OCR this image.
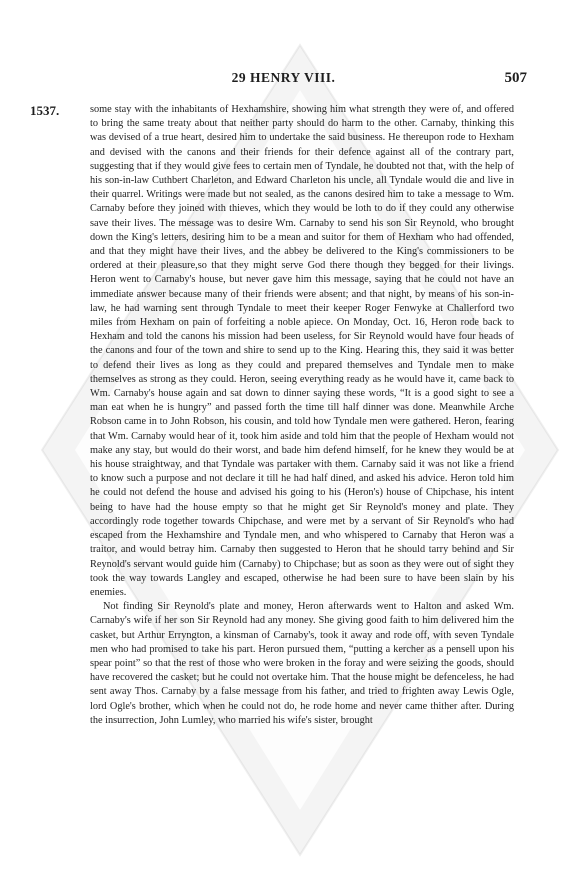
29 HENRY VIII.	507
1537.	some stay with the inhabitants of Hexhamshire, showing him what strength they were of, and offered to bring the same treaty about that neither party should do harm to the other. Carnaby, thinking this was devised of a true heart, desired him to undertake the said business. He thereupon rode to Hexham and devised with the canons and their friends for their defence against all of the contrary part, suggesting that if they would give fees to certain men of Tyndale, he doubted not that, with the help of his son-in-law Cuthbert Charleton, and Edward Charleton his uncle, all Tyndale would die and live in their quarrel. Writings were made but not sealed, as the canons desired him to take a message to Wm. Carnaby before they joined with thieves, which they would be loth to do if they could any otherwise save their lives. The message was to desire Wm. Carnaby to send his son Sir Reynold, who brought down the King's letters, desiring him to be a mean and suitor for them of Hexham who had offended, and that they might have their lives, and the abbey be delivered to the King's commissioners to be ordered at their pleasure,so that they might serve God there though they begged for their livings. Heron went to Carnaby's house, but never gave him this message, saying that he could not have an immediate answer because many of their friends were absent; and that night, by means of his son-in-law, he had warning sent through Tyndale to meet their keeper Roger Fenwyke at Challerford two miles from Hexham on pain of forfeiting a noble apiece. On Monday, Oct. 16, Heron rode back to Hexham and told the canons his mission had been useless, for Sir Reynold would have four heads of the canons and four of the town and shire to send up to the King. Hearing this, they said it was better to defend their lives as long as they could and prepared themselves and Tyndale men to make themselves as strong as they could. Heron, seeing everything ready as he would have it, came back to Wm. Carnaby's house again and sat down to dinner saying these words, “It is a good sight to see a man eat when he is hungry” and passed forth the time till half dinner was done. Meanwhile Arche Robson came in to John Robson, his cousin, and told how Tyndale men were gathered. Heron, fearing that Wm. Carnaby would hear of it, took him aside and told him that the people of Hexham would not make any stay, but would do their worst, and bade him defend himself, for he knew they would be at his house straightway, and that Tyndale was partaker with them. Carnaby said it was not like a friend to know such a purpose and not declare it till he had half dined, and asked his advice. Heron told him he could not defend the house and advised his going to his (Heron's) house of Chipchase, his intent being to have had the house empty so that he might get Sir Reynold's money and plate. They accordingly rode together towards Chipchase, and were met by a servant of Sir Reynold's who had escaped from the Hexhamshire and Tyndale men, and who whispered to Carnaby that Heron was a traitor, and would betray him. Carnaby then suggested to Heron that he should tarry behind and Sir Reynold's servant would guide him (Carnaby) to Chipchase; but as soon as they were out of sight they took the way towards Langley and escaped, otherwise he had been sure to have been slain by his enemies.

Not finding Sir Reynold's plate and money, Heron afterwards went to Halton and asked Wm. Carnaby's wife if her son Sir Reynold had any money. She giving good faith to him delivered him the casket, but Arthur Erryngton, a kinsman of Carnaby's, took it away and rode off, with seven Tyndale men who had promised to take his part. Heron pursued them, “putting a kercher as a pensell upon his spear point” so that the rest of those who were broken in the foray and were seizing the goods, should have recovered the casket; but he could not overtake him. That the house might be defenceless, he had sent away Thos. Carnaby by a false message from his father, and tried to frighten away Lewis Ogle, lord Ogle's brother, which when he could not do, he rode home and never came thither after. During the insurrection, John Lumley, who married his wife's sister, brought
